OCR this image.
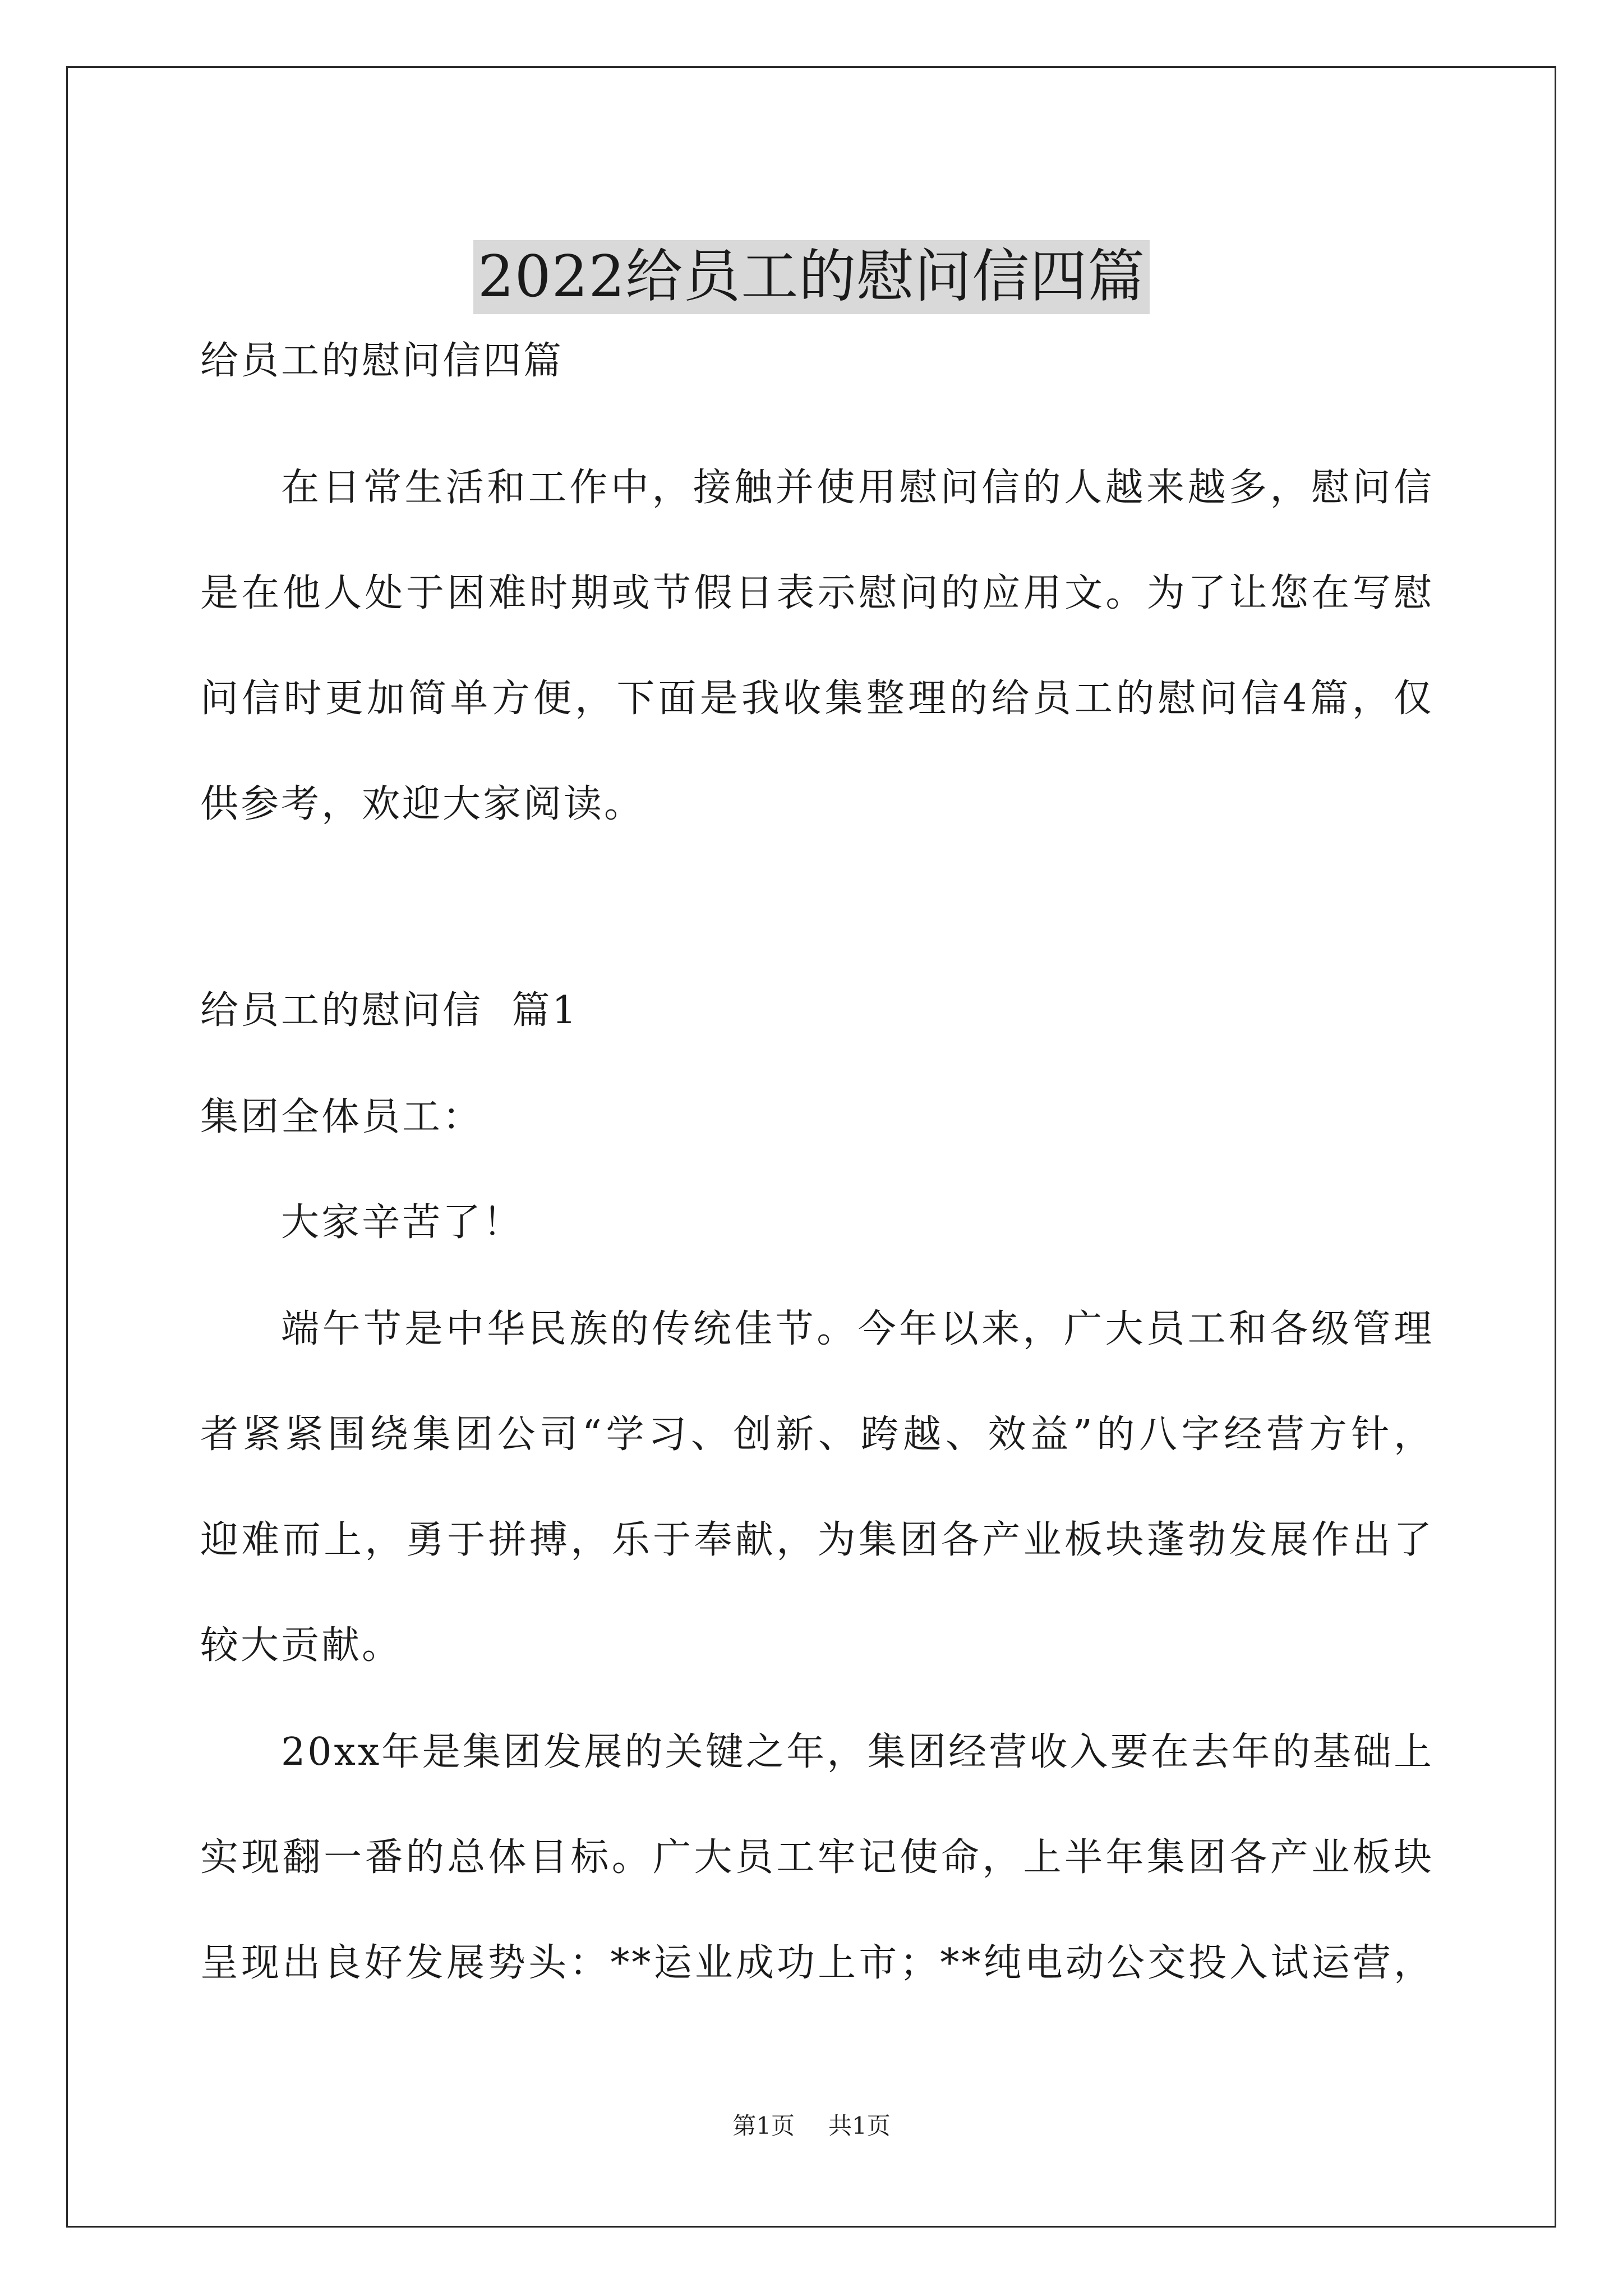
2022给员工的慰问信四篇
给员工的慰问信四篇
在日常生活和工作中，接触并使用慰问信的人越来越多，慰问信
是在他人处于困难时期或节假日表示慰问的应用文。为了让您在写慰
问信时更加简单方便，下面是我收集整理的给员工的慰问信4篇，仅
供参考，欢迎大家阅读。
给员工的慰问信  篇1
集团全体员工：
大家辛苦了！
端午节是中华民族的传统佳节。今年以来，广大员工和各级管理
者紧紧围绕集团公司“学习、创新、跨越、效益”的八字经营方针，
迎难而上，勇于拼搏，乐于奉献，为集团各产业板块蓬勃发展作出了
较大贡献。
20xx年是集团发展的关键之年，集团经营收入要在去年的基础上
实现翻一番的总体目标。广大员工牢记使命，上半年集团各产业板块
呈现出良好发展势头：**运业成功上市；**纯电动公交投入试运营，
第1页 共1页
